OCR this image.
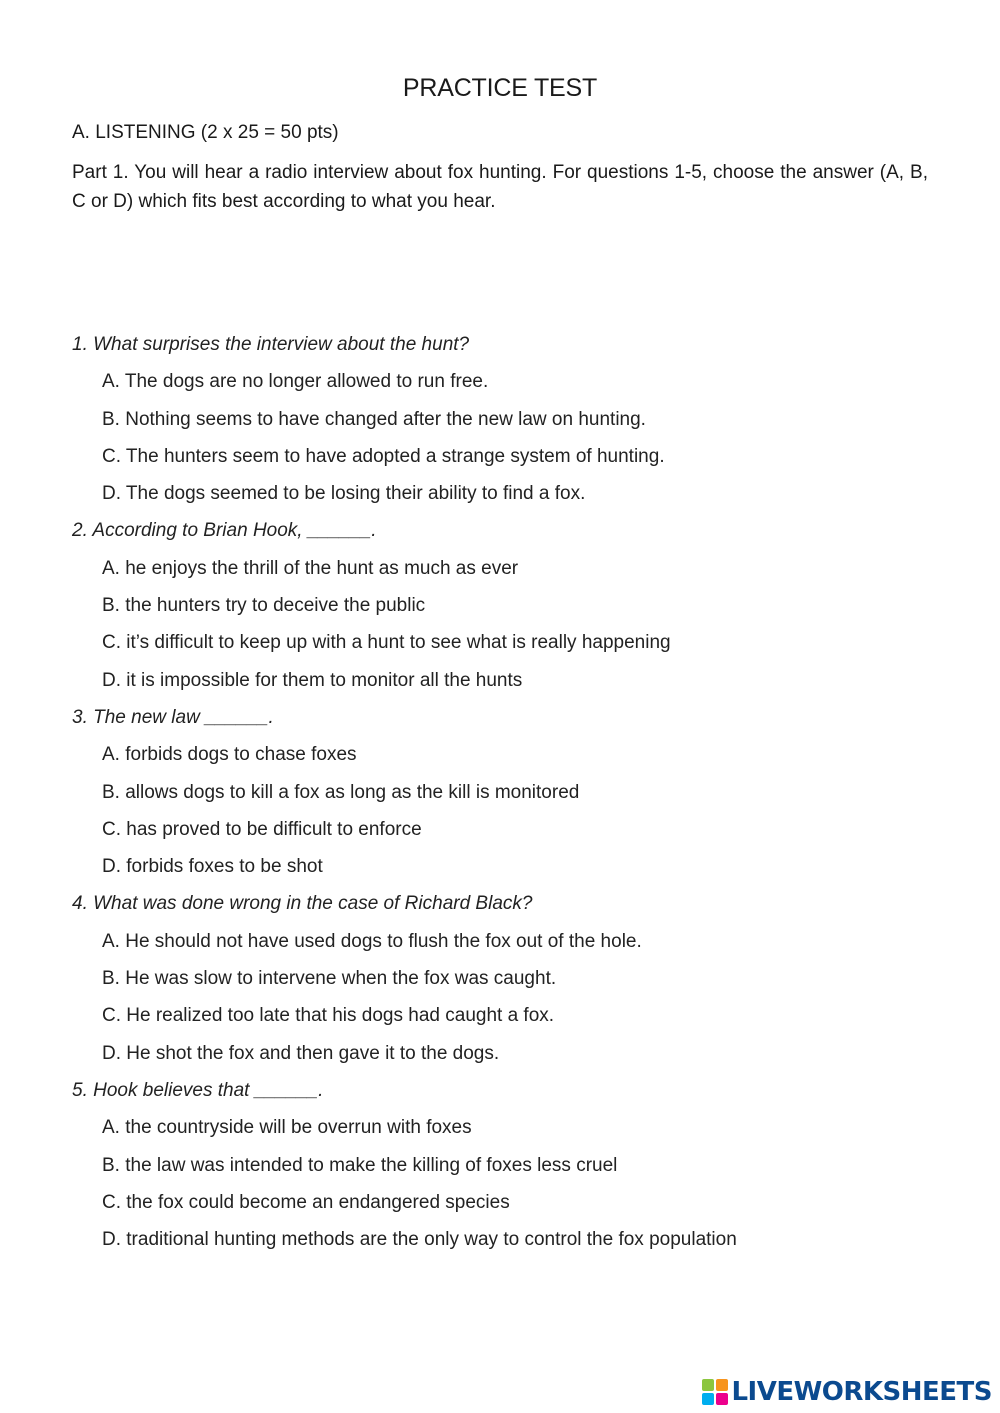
PRACTICE TEST
A. LISTENING (2 x 25 = 50 pts)
Part 1. You will hear a radio interview about fox hunting. For questions 1-5, choose the answer (A, B, C or D) which fits best according to what you hear.
1. What surprises the interview about the hunt?
A. The dogs are no longer allowed to run free.
B. Nothing seems to have changed after the new law on hunting.
C. The hunters seem to have adopted a strange system of hunting.
D. The dogs seemed to be losing their ability to find a fox.
2. According to Brian Hook, ______.
A. he enjoys the thrill of the hunt as much as ever
B. the hunters try to deceive the public
C. it’s difficult to keep up with a hunt to see what is really happening
D. it is impossible for them to monitor all the hunts
3. The new law ______.
A. forbids dogs to chase foxes
B. allows dogs to kill a fox as long as the kill is monitored
C. has proved to be difficult to enforce
D. forbids foxes to be shot
4. What was done wrong in the case of Richard Black?
A. He should not have used dogs to flush the fox out of the hole.
B. He was slow to intervene when the fox was caught.
C. He realized too late that his dogs had caught a fox.
D. He shot the fox and then gave it to the dogs.
5. Hook believes that ______.
A. the countryside will be overrun with foxes
B. the law was intended to make the killing of foxes less cruel
C. the fox could become an endangered species
D. traditional hunting methods are the only way to control the fox population
LIVEWORKSHEETS
